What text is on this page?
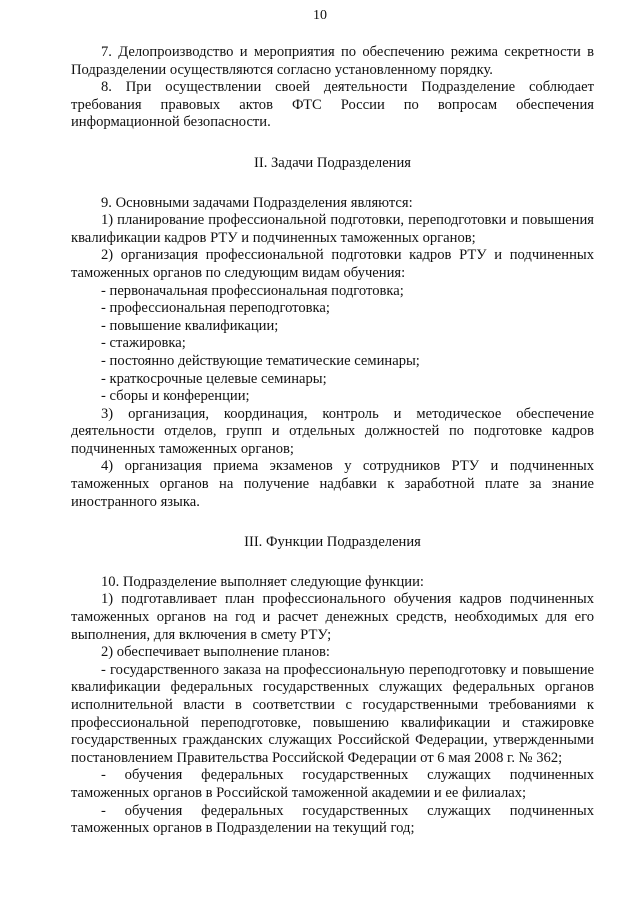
10

7. Делопроизводство и мероприятия по обеспечению режима секретности в Подразделении осуществляются согласно установленному порядку.

8. При осуществлении своей деятельности Подразделение соблюдает требования правовых актов ФТС России по вопросам обеспечения информационной безопасности.

II. Задачи Подразделения

9. Основными задачами Подразделения являются:

1) планирование профессиональной подготовки, переподготовки и повышения квалификации кадров РТУ и подчиненных таможенных органов;

2) организация профессиональной подготовки кадров РТУ и подчиненных таможенных органов по следующим видам обучения:

- первоначальная профессиональная подготовка;

- профессиональная переподготовка;

- повышение квалификации;

- стажировка;

- постоянно действующие тематические семинары;

- краткосрочные целевые семинары;

- сборы и конференции;

3) организация, координация, контроль и методическое обеспечение деятельности отделов, групп и отдельных должностей по подготовке кадров подчиненных таможенных органов;

4) организация приема экзаменов у сотрудников РТУ и подчиненных таможенных органов на получение надбавки к заработной плате за знание иностранного языка.

III. Функции Подразделения

10. Подразделение выполняет следующие функции:

1) подготавливает план профессионального обучения кадров подчиненных таможенных органов на год и расчет денежных средств, необходимых для его выполнения, для включения в смету РТУ;

2) обеспечивает выполнение планов:

- государственного заказа на профессиональную переподготовку и повышение квалификации федеральных государственных служащих федеральных органов исполнительной власти в соответствии с государственными требованиями к профессиональной переподготовке, повышению квалификации и стажировке государственных гражданских служащих Российской Федерации, утвержденными постановлением Правительства Российской Федерации от 6 мая 2008 г. № 362;

- обучения федеральных государственных служащих подчиненных таможенных органов в Российской таможенной академии и ее филиалах;

- обучения федеральных государственных служащих подчиненных таможенных органов в Подразделении на текущий год;
